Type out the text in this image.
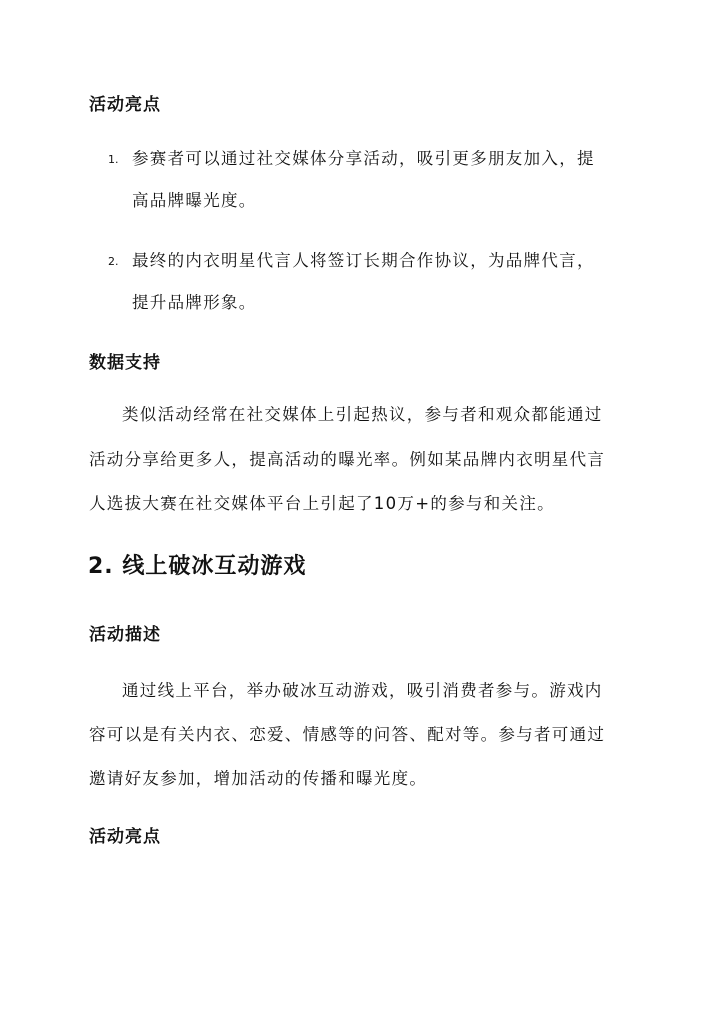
活动亮点
1. 参赛者可以通过社交媒体分享活动，吸引更多朋友加入，提
高品牌曝光度。
2. 最终的内衣明星代言人将签订长期合作协议，为品牌代言，
提升品牌形象。
数据支持
类似活动经常在社交媒体上引起热议，参与者和观众都能通过
活动分享给更多人，提高活动的曝光率。例如某品牌内衣明星代言
人选拔大赛在社交媒体平台上引起了10万+的参与和关注。
2. 线上破冰互动游戏
活动描述
通过线上平台，举办破冰互动游戏，吸引消费者参与。游戏内
容可以是有关内衣、恋爱、情感等的问答、配对等。参与者可通过
邀请好友参加，增加活动的传播和曝光度。
活动亮点
